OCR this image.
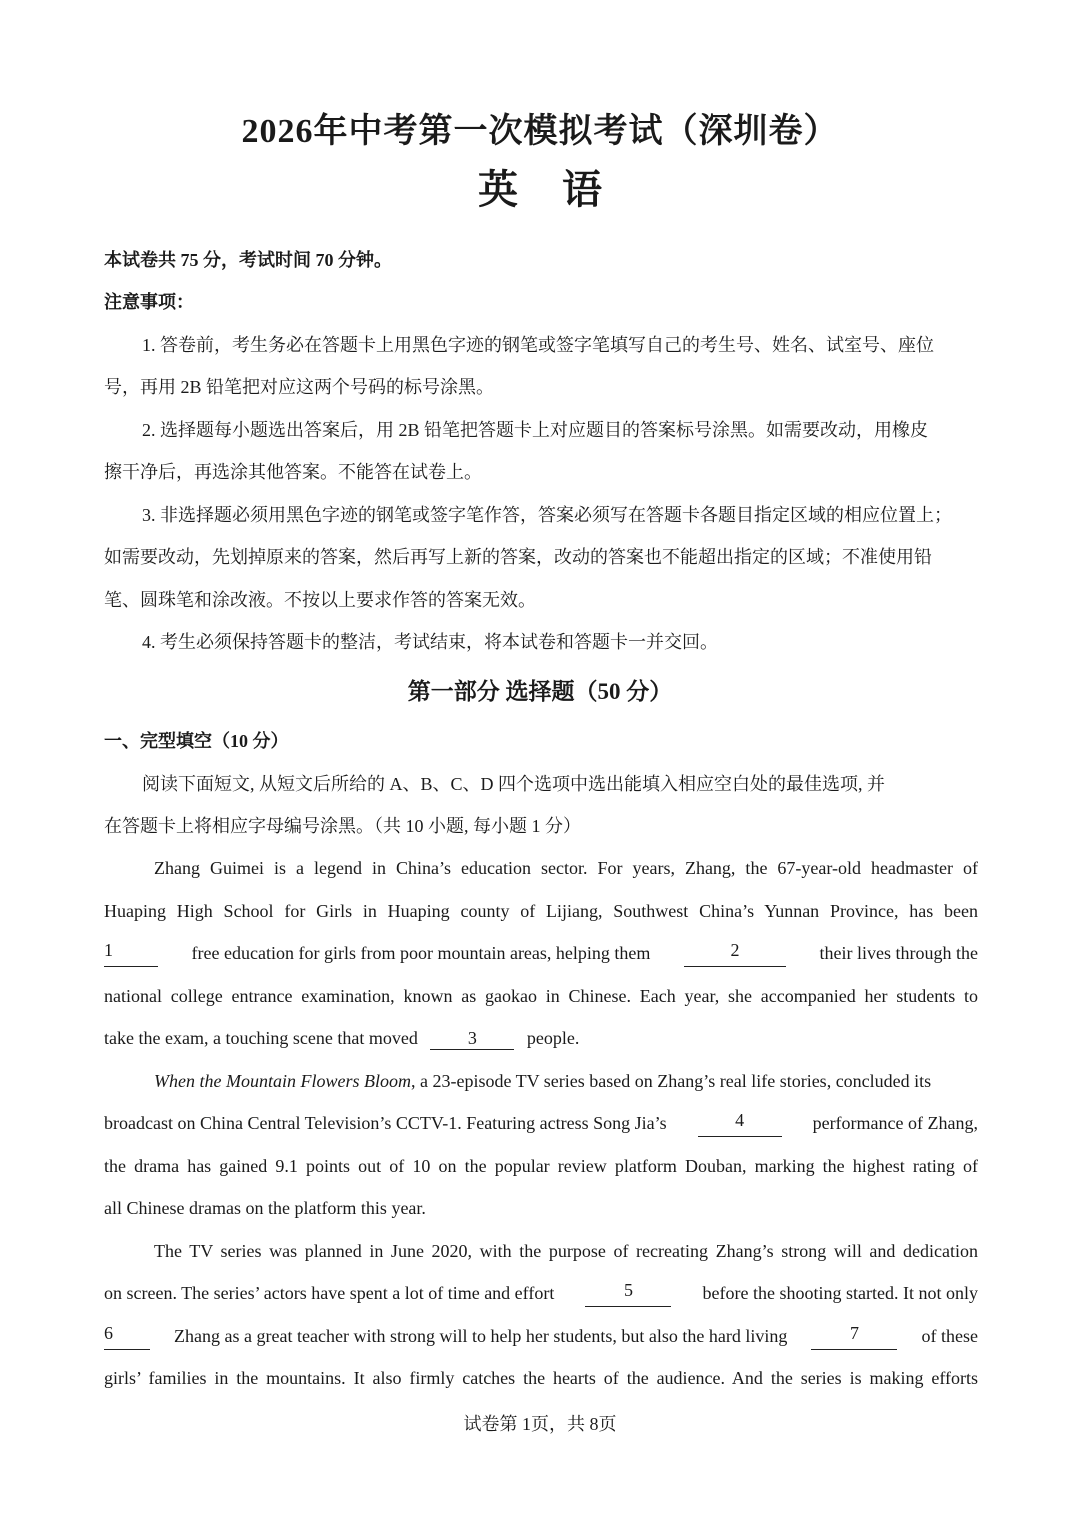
2026年中考第一次模拟考试（深圳卷）
英语
本试卷共 75 分，考试时间 70 分钟。
注意事项：
1. 答卷前，考生务必在答题卡上用黑色字迹的钢笔或签字笔填写自己的考生号、姓名、试室号、座位
号，再用 2B 铅笔把对应这两个号码的标号涂黑。
2. 选择题每小题选出答案后，用 2B 铅笔把答题卡上对应题目的答案标号涂黑。如需要改动，用橡皮
擦干净后，再选涂其他答案。不能答在试卷上。
3. 非选择题必须用黑色字迹的钢笔或签字笔作答，答案必须写在答题卡各题目指定区域的相应位置上；
如需要改动，先划掉原来的答案，然后再写上新的答案，改动的答案也不能超出指定的区域；不准使用铅
笔、圆珠笔和涂改液。不按以上要求作答的答案无效。
4. 考生必须保持答题卡的整洁，考试结束，将本试卷和答题卡一并交回。
第一部分 选择题（50 分）
一、完型填空（10 分）
阅读下面短文, 从短文后所给的 A、B、C、D 四个选项中选出能填入相应空白处的最佳选项, 并
在答题卡上将相应字母编号涂黑。（共 10 小题, 每小题 1 分）
Zhang Guimei is a legend in China’s education sector. For years, Zhang, the 67-year-old headmaster of
Huaping High School for Girls in Huaping county of Lijiang, Southwest China’s Yunnan Province, has been
1	free education for girls from poor mountain areas, helping them	2	their lives through the
national college entrance examination, known as gaokao in Chinese. Each year, she accompanied her students to
take the exam, a touching scene that moved	3	people.
When the Mountain Flowers Bloom, a 23-episode TV series based on Zhang’s real life stories, concluded its
broadcast on China Central Television’s CCTV-1. Featuring actress Song Jia’s	4	performance of Zhang,
the drama has gained 9.1 points out of 10 on the popular review platform Douban, marking the highest rating of
all Chinese dramas on the platform this year.
The TV series was planned in June 2020, with the purpose of recreating Zhang’s strong will and dedication
on screen. The series’ actors have spent a lot of time and effort	5	before the shooting started. It not only
6	Zhang as a great teacher with strong will to help her students, but also the hard living	7	of these
girls’ families in the mountains. It also firmly catches the hearts of the audience. And the series is making efforts
试卷第 1页，共 8页
